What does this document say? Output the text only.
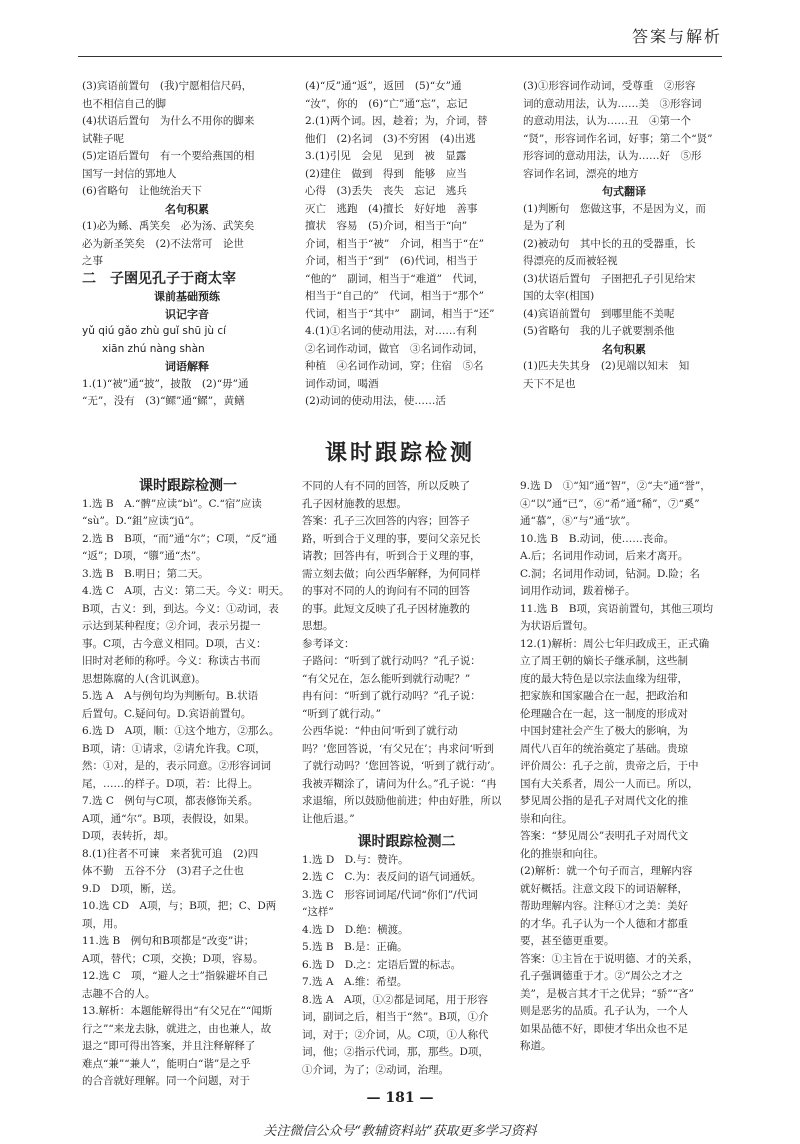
答案与解析

(3)宾语前置句　(我)宁愿相信尺码，

也不相信自己的脚

(4)状语后置句　为什么不用你的脚来

试鞋子呢

(5)定语后置句　有一个要给燕国的相

国写一封信的郢地人

(6)省略句　让他统治天下

名句积累

(1)必为鲧、禹笑矣　必为汤、武笑矣

必为新圣笑矣　(2)不法常可　论世

之事

二　子圉见孔子于商太宰

课前基础预练

识记字音

yǔ qiú gǎo zhù guǐ shū jù cí

xiān zhú nàng shàn

词语解释

1.(1)“被”通“披”，披散　(2)“毋”通

“无”，没有　(3)“鳏”通“鳏”，黄鳝

(4)“反”通“返”，返回　(5)“女”通

“汝”，你的　(6)“亡”通“忘”，忘记

2.(1)两个词。因，趁着；为，介词，替

他们　(2)名词　(3)不穷困　(4)出逃

3.(1)引见　会见　见到　被　显露

(2)建住　做到　得到　能够　应当

心得　(3)丢失　丧失　忘记　逃兵

灭亡　逃跑　(4)擅长　好好地　善事

擅状　容易　(5)介词，相当于“向”

介词，相当于“被”　介词，相当于“在”

介词，相当于“到”　(6)代词，相当于

“他的”　副词，相当于“难道”　代词，

相当于“自己的”　代词，相当于“那个”

代词，相当于“其中”　副词，相当于“还”

4.(1)①名词的使动用法，对……有利

②名词作动词，做官　③名词作动词，

种植　④名词作动词，穿；住宿　⑤名

词作动词，喝酒

(2)动词的使动用法，使……活

(3)①形容词作动词，受尊重　②形容

词的意动用法，认为……美　③形容词

的意动用法，认为……丑　④第一个

“贤”，形容词作名词，好事；第二个“贤”

形容词的意动用法，认为……好　⑤形

容词作名词，漂亮的地方

句式翻译

(1)判断句　您做这事，不是因为义，而

是为了利

(2)被动句　其中长的丑的受器重，长

得漂亮的反而被轻视

(3)状语后置句　子圉把孔子引见给宋

国的太宰(相国)

(4)宾语前置句　到哪里能不美呢

(5)省略句　我的儿子就要割杀他

名句积累

(1)匹夫失其身　(2)见端以知末　知

天下不足也

课时跟踪检测

课时跟踪检测一

1.选 B　A.“髀”应读“bì”。C.“宿”应读

“sù”。D.“鉏”应读“jū”。

2.选 B　B项，“而”通“尔”；C项，“反”通

“返”；D项，“隳”通“杰”。

3.选 B　B.明日；第二天。

4.选 C　A项，古义：第二天。今义：明天。

B项，古义：到，到达。今义：①动词，表

示达到某种程度；②介词，表示另提一

事。C项，古今意义相同。D项，古义：

旧时对老师的称呼。今义：称读古书而

思想陈腐的人(含讥讽意)。

5.选 A　A与例句均为判断句。B.状语

后置句。C.疑问句。D.宾语前置句。

6.选 D　A项，顺：①这个地方，②那么。

B项，请：①请求，②请允许我。C项，

然：①对，是的，表示同意。②形容词词

尾，……的样子。D项，若：比得上。

7.选 C　例句与C项，都表修饰关系。

A项，通“尔”。B项，表假设，如果。

D项，表转折，却。

8.(1)往者不可谏　来者犹可追　(2)四

体不勤　五谷不分　(3)君子之仕也

9.D　D项，断，送。

10.选 CD　A项，与；B项，把；C、D两

项，用。

11.选 B　例句和B项都是“改变”讲；

A项，替代；C项，交换；D项，容易。

12.选 C　项，“避人之士”指躲避坏自己

志趣不合的人。

13.解析：本题能解得出“有父兄在”“闻斯

行之”“来龙去脉，就进之，由也兼人，故

退之”即可得出答案，并且注释解释了

难点“兼”“兼人”，能明白“谐”是之乎

的合音就好理解。同一个问题，对于

不同的人有不同的回答，所以反映了

孔子因材施教的思想。

答案：孔子三次回答的内容；回答子

路，听到合于义理的事，要问父亲兄长

请教；回答冉有，听到合于义理的事，

需立刻去做；向公西华解释，为何同样

的事对不同的人的询问有不同的回答

的事。此短文反映了孔子因材施教的

思想。

参考译文：

子路问：“听到了就行动吗？”孔子说：

“有父兄在，怎么能听到就行动呢？”

冉有问：“听到了就行动吗？”孔子说：

“听到了就行动。”

公西华说：“仲由问‘听到了就行动

吗？’您回答说，‘有父兄在’；冉求问‘听到

了就行动吗？’您回答说，‘听到了就行动’。

我被弄糊涂了，请问为什么。”孔子说：“冉

求退缩，所以鼓励他前进；仲由好胜，所以

让他后退。”

课时跟踪检测二

1.选 D　D.与：赞许。

2.选 C　C.为：表反问的语气词通妖。

3.选 C　形容词词尾/代词“你们”/代词

“这样”

4.选 D　D.绝：横渡。

5.选 B　B.是：正确。

6.选 D　D.之：定语后置的标志。

7.选 A　A.维：希望。

8.选 A　A项，①②都是词尾，用于形容

词，副词之后，相当于“然”。B项，①介

词，对于；②介词，从。C项，①人称代

词，他；②指示代词，那，那些。D项，

①介词，为了；②动词，治理。

9.选 D　①“知”通“智”，②“夫”通“誉”，

④“以”通“已”，⑥“希”通“稀”，⑦“奚”

通“慕”，⑧“与”通“欤”。

10.选 B　B.动词，使……丧命。

A.后；名词用作动词，后来才离开。

C.洞；名词用作动词，钻洞。D.险；名

词用作动词，跋着梯子。

11.选 B　B项，宾语前置句，其他三项均

为状语后置句。

12.(1)解析：周公七年归政成王，正式确

立了周王朝的嫡长子继承制，这些制

度的最大特色是以宗法血缘为纽带，

把家族和国家融合在一起，把政治和

伦理融合在一起，这一制度的形成对

中国封建社会产生了极大的影响，为

周代八百年的统治奠定了基础。贵琼

评价周公：孔子之前，贵帝之后，于中

国有大关系者，周公一人而已。所以，

梦见周公指的是孔子对周代文化的推

崇和向往。

答案：“梦见周公”表明孔子对周代文

化的推崇和向往。

(2)解析：就一个句子而言，理解内容

就好概括。注意文段下的词语解释，

帮助理解内容。注释①才之美：美好

的才华。孔子认为一个人德和才都重

要，甚至德更重要。

答案：①主旨在于说明德、才的关系，

孔子强调德重于才。②“周公之才之

美”，是极言其才干之优异；“骄”“吝”

则是恶劣的品质。孔子认为，一个人

如果品德不好，即使才华出众也不足

称道。

— 181 —
关注微信公众号“教辅资料站”获取更多学习资料
